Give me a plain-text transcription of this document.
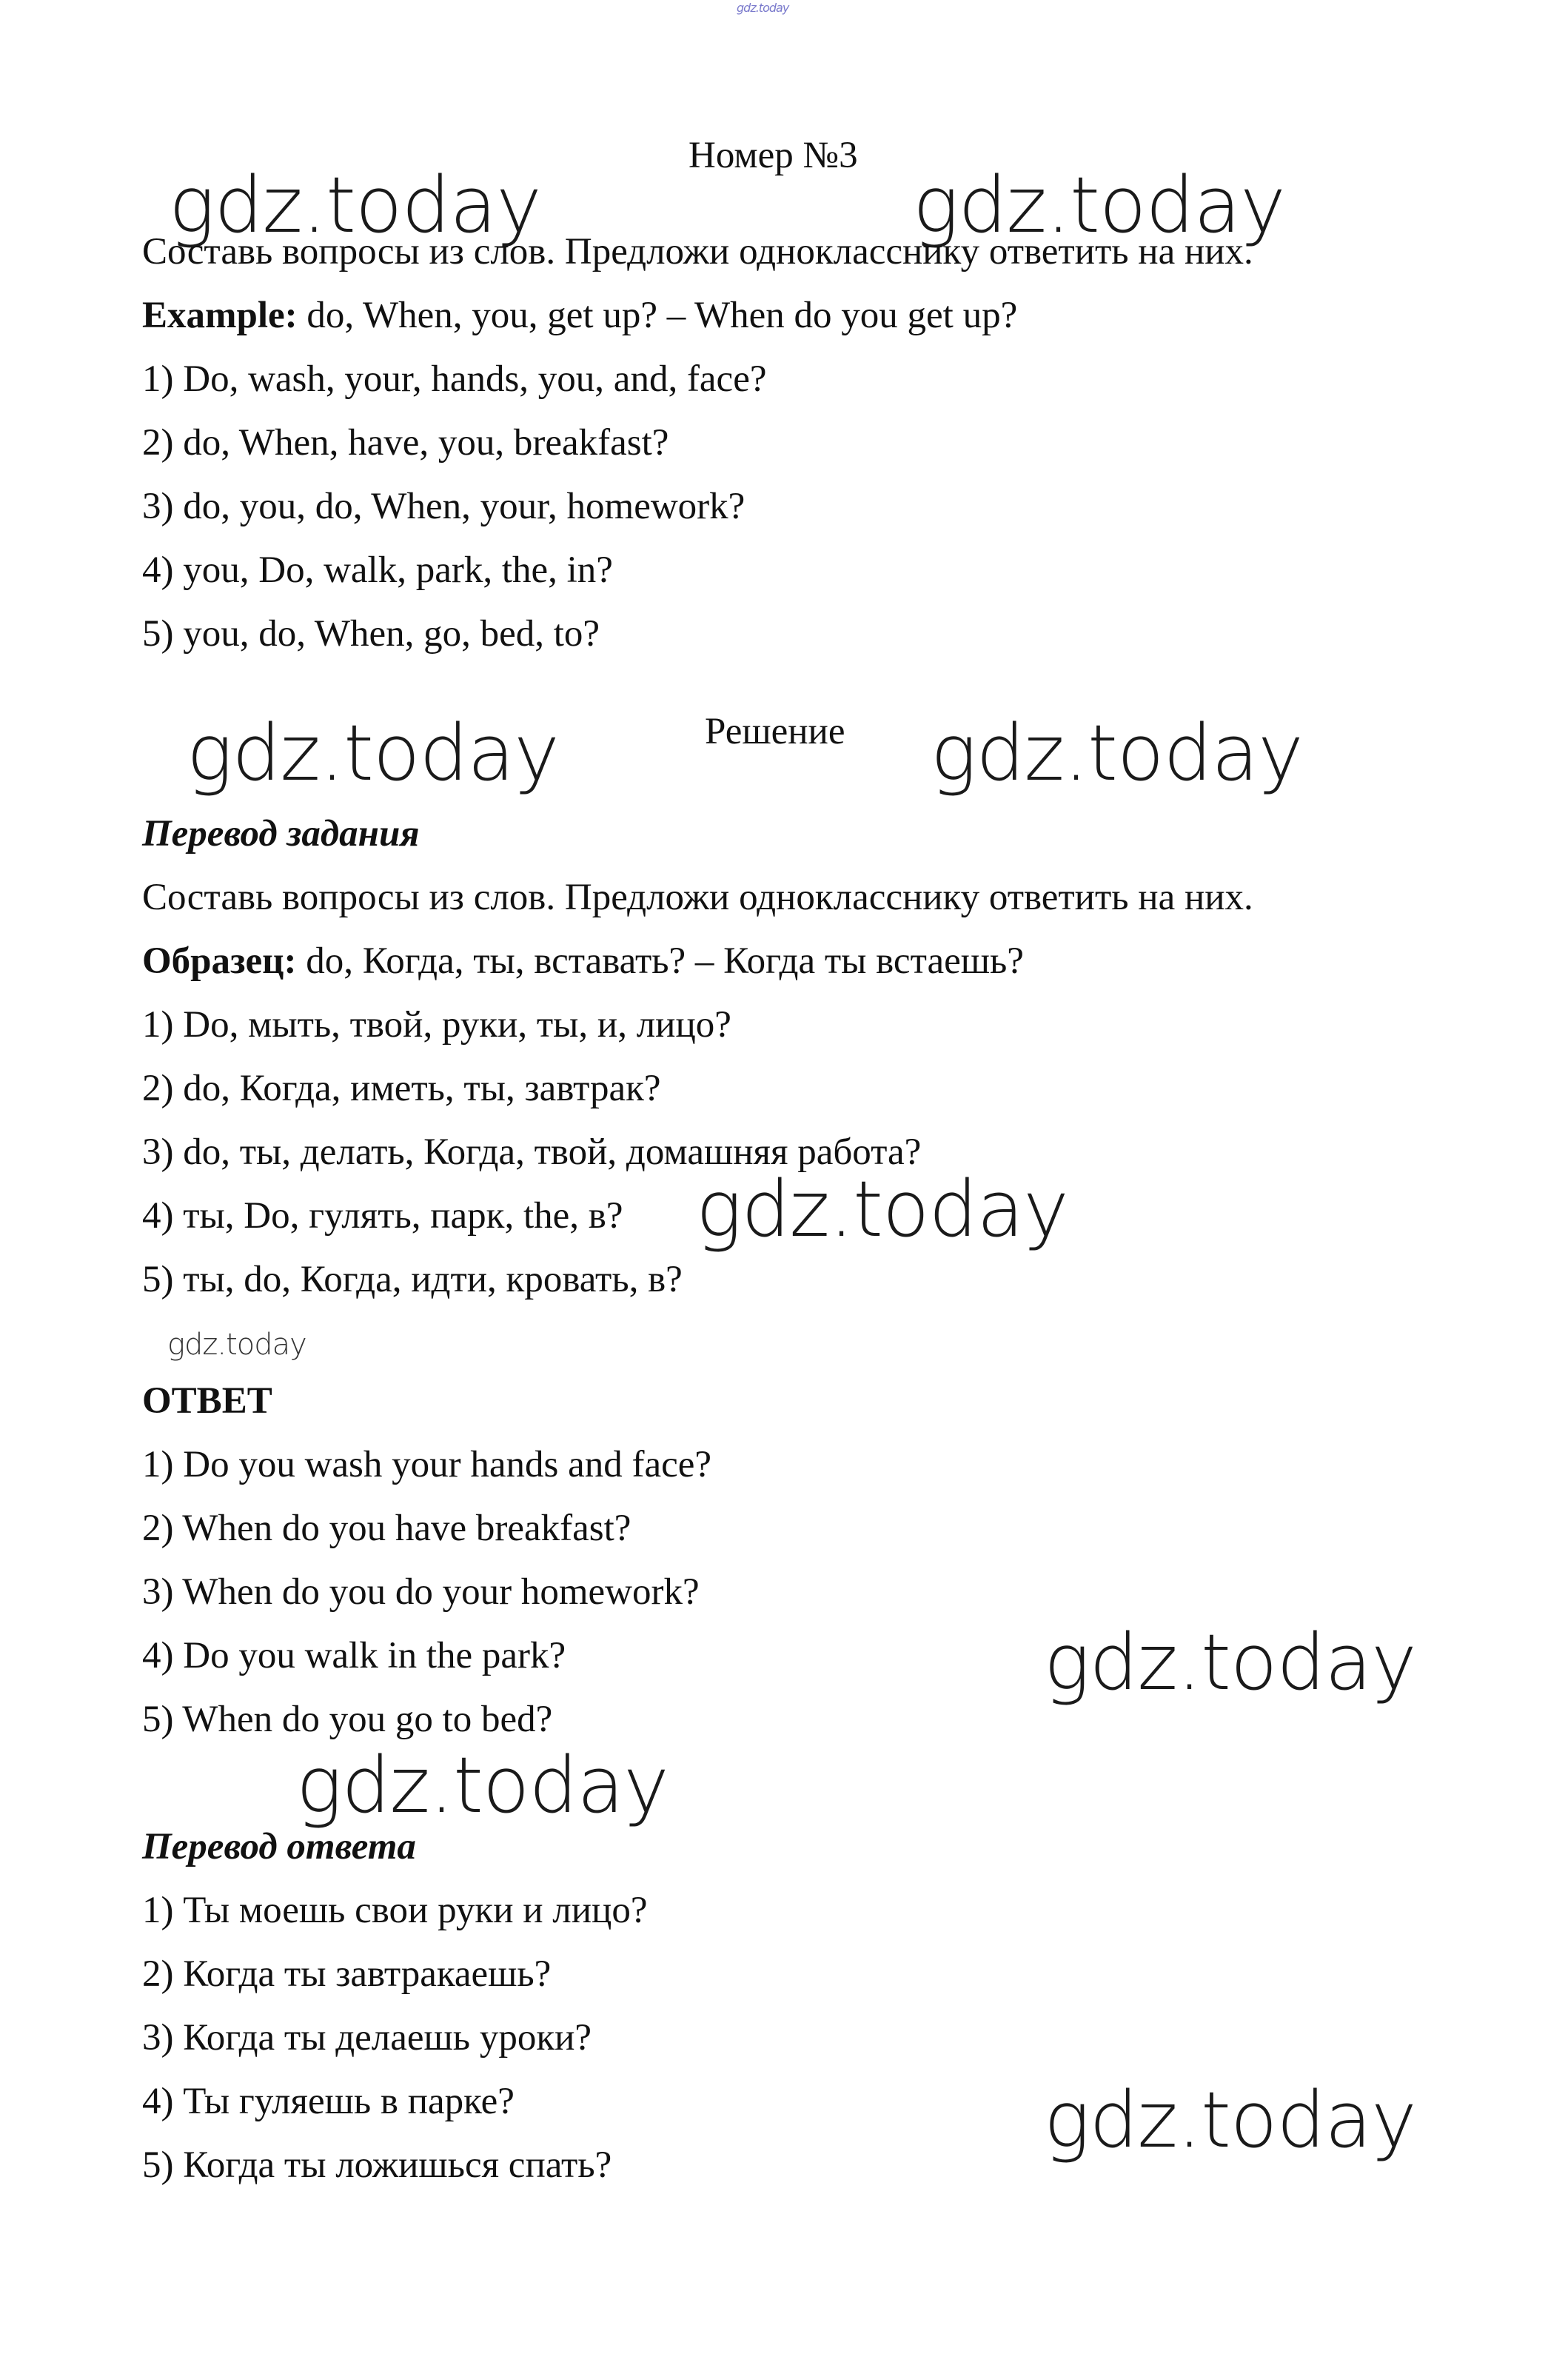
gdz.today
Номер №3
gdz.today	gdz.today
Составь вопросы из слов. Предложи однокласснику ответить на них.
Example: do, When, you, get up? – When do you get up?
1) Do, wash, your, hands, you, and, face?
2) do, When, have, you, breakfast?
3) do, you, do, When, your, homework?
4) you, Do, walk, park, the, in?
5) you, do, When, go, bed, to?
gdz.today	Решение gdz.today
Перевод задания
Составь вопросы из слов. Предложи однокласснику ответить на них.
Образец: do, Когда, ты, вставать? – Когда ты встаешь?
1) Do, мыть, твой, руки, ты, и, лицо?
2) do, Когда, иметь, ты, завтрак?
3) do, ты, делать, Когда, твой, домашняя работа?
4) ты, Do, гулять, парк, the, в? gdz.today
5) ты, do, Когда, идти, кровать, в?
gdz.today
ОТВЕТ
1) Do you wash your hands and face?
2) When do you have breakfast?
3) When do you do your homework?
4) Do you walk in the park?	gdz.today
5) When do you go to bed?
gdz.today
Перевод ответа
1) Ты моешь свои руки и лицо?
2) Когда ты завтракаешь?
3) Когда ты делаешь уроки?
4) Ты гуляешь в парке?	gdz.today
5) Когда ты ложишься спать?
